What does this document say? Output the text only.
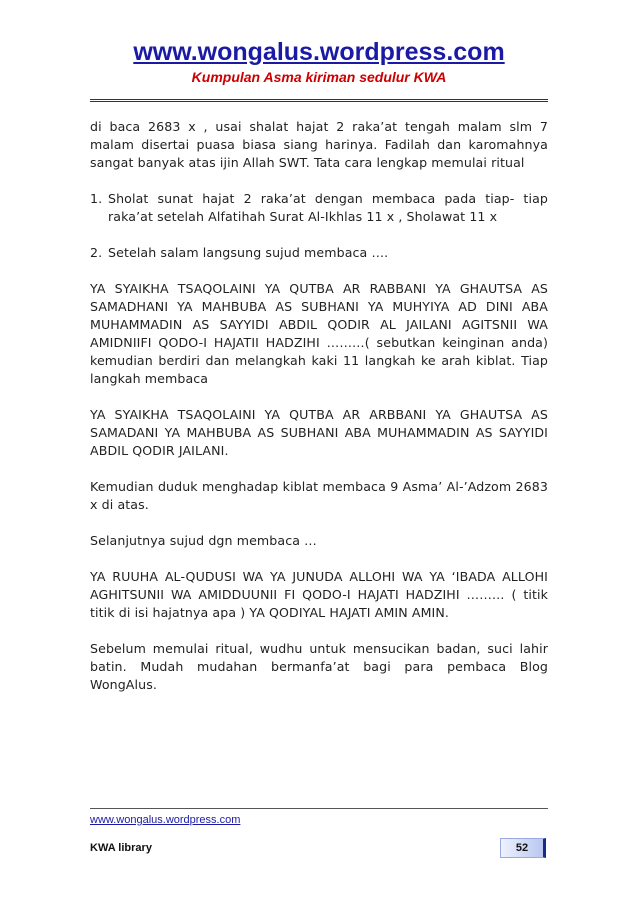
www.wongalus.wordpress.com
Kumpulan Asma kiriman sedulur KWA

di baca 2683 x , usai shalat hajat 2 raka’at tengah malam slm 7 malam disertai puasa biasa siang harinya. Fadilah dan karomahnya sangat banyak atas ijin Allah SWT. Tata cara lengkap memulai ritual

1. Sholat sunat hajat 2 raka’at dengan membaca pada tiap- tiap raka’at setelah Alfatihah Surat Al-Ikhlas 11 x , Sholawat 11 x
2. Setelah salam langsung sujud membaca ….

YA SYAIKHA TSAQOLAINI YA QUTBA AR RABBANI YA GHAUTSA AS SAMADHANI YA MAHBUBA AS SUBHANI YA MUHYIYA AD DINI ABA MUHAMMADIN AS SAYYIDI ABDIL QODIR AL JAILANI AGITSNII WA AMIDNIIFI QODO-I HAJATII HADZIHI ………( sebutkan keinginan anda) kemudian berdiri dan melangkah kaki 11 langkah ke arah kiblat. Tiap langkah membaca

YA SYAIKHA TSAQOLAINI YA QUTBA AR ARBBANI YA GHAUTSA AS SAMADANI YA MAHBUBA AS SUBHANI ABA MUHAMMADIN AS SAYYIDI ABDIL QODIR JAILANI.

Kemudian duduk menghadap kiblat membaca 9 Asma’ Al-’Adzom 2683 x di atas.

Selanjutnya sujud dgn membaca …

YA RUUHA AL-QUDUSI WA YA JUNUDA ALLOHI WA YA ‘IBADA ALLOHI AGHITSUNII WA AMIDDUUNII FI QODO-I HAJATI HADZIHI ……… ( titik titik di isi hajatnya apa ) YA QODIYAL HAJATI AMIN AMIN.

Sebelum memulai ritual, wudhu untuk mensucikan badan, suci lahir batin. Mudah mudahan bermanfa’at bagi para pembaca Blog WongAlus.

www.wongalus.wordpress.com
KWA library	52
